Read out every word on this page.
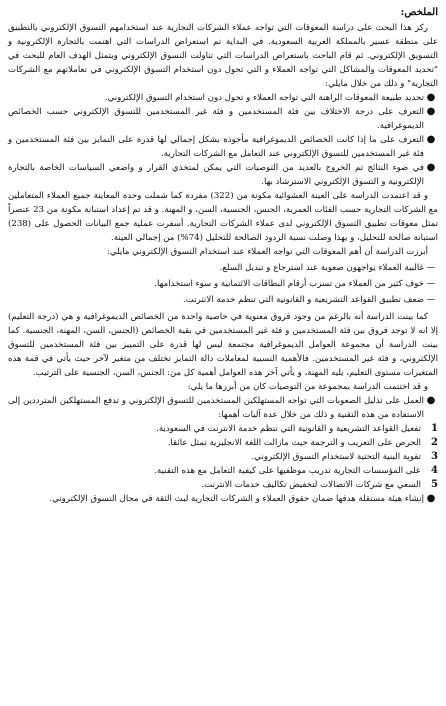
الملخص:

ركز هذا البحث على دراسة المعوقات التي تواجه عملاء الشركات التجارية عند استخدامهم التسوق الإلكتروني بالتطبيق على منطقة عسير بالمملكة العربية السعودية. في البداية تم استعراض الدراسات التي اهتمت بالتجارة الإلكترونية و التسويق الإلكتروني. ثم قام الباحث باستعراض الدراسات التي تناولت التسوق الإلكتروني ويتمثل الهدف العام للبحث في "تحديد المعوقات والمشاكل التي تواجه العملاء و التي تحول دون استخدام التسوق الإلكتروني في تعاملاتهم مع الشركات التجارية" و ذلك من خلال مايلي:

●
تحديد طبيعة المعوقات الراهنة التي تواجه العملاء و تحول دون استخدام التسوق الإلكتروني.
●
التعرف على درجة الاختلاف بين فئة المستخدمين و فئة غير المستخدمين للتسوق الإلكتروني حسب الخصائص الديموغرافية.
●
التعرف على ما إذا كانت الخصائص الديموغرافية مأخوذة بشكل إجمالي لها قدرة على التمايز بين فئة المستخدمين و فئة غير المستخدمين للتسوق الإلكتروني عند التعامل مع الشركات التجارية.
●
في ضوء النتائج تم الخروج بالعديد من التوصيات التي يمكن لمتخذي القرار و واضعي السياسات الخاصة بالتجارة الإلكترونية و التسوق الإلكتروني الاسترشاد بها.

و قد اعتمدت الدراسة على العينة العشوائية مكونة من (322) مفردة كما شملت وحدة المعاينة جميع العملاء المتعاملين مع الشركات التجارية حسب الفئات العمرية، الجنس، الجنسية، السن، و المهنة. و قد تم إعداد استبانة مكونة من 23 عنصراً تمثل معوقات تطبيق التسوق الإلكتروني لدى عملاء الشركات التجارية. أسفرت عملية جمع البيانات الحصول على (238) استبانة صالحة للتحليل، و بهذا وصلت نسبة الردود الصالحة للتحليل (74%) من إجمالي العينة.

أبرزت الدراسة أن أهم المعوقات التي تواجه العملاء عند استخدام التسوق الإلكتروني مايلي:

—
غالبية العملاء يواجهون صعوبة عند استرجاع و تبديل السلع.
—
خوف كثير من العملاء من تسرب أرقام البطاقات الائتمانية و سوء استخدامها.
—
ضعف تطبيق القواعد التشريعية و القانونية التي تنظم خدمة الانترنت.

كما بينت الدراسة أنه بالرغم من وجود فروق معنوية في خاصية واحدة من الخصائص الديموغرافية و هي (درجة التعليم) إلا انه لا توجد فروق بين فئة المستخدمين و فئة غير المستخدمين في بقية الخصائص (الجنس، السن، المهنة، الجنسية. كما بينت الدراسة أن مجموعة العوامل الديموغرافية مجتمعة ليس لها قدرة على التمييز بين فئة المستخدمين للتسوق الإلكتروني، و فئة غير المستخدمين. فالأهمية النسبية لمعاملات دالة التمايز تختلف من متغير لآخر حيث يأتي في قمة هذه المتغيرات مستوى التعليم، يليه المهنة، و يأتي آخر هذه العوامل أهمية كل من: الجنس، السن، الجنسية على الترتيب.

و قد اختتمت الدراسة بمجموعة من التوصيات كان من أبرزها ما يلي:

●
العمل على تذليل الصعوبات التي تواجه المستهلكين المستخدمين للتسوق الإلكتروني و تدفع المستهلكين المترددين إلى الاستفادة من هذه التقنية و ذلك من خلال عدة آليات أهمها:
1
تفعيل القواعد التشريعية و القانونية التي تنظم خدمة الانترنت في السعودية.
2
الحرص على التعريب و الترجمة حيث مازالت اللغة الانجليزية تمثل عائقا.
3
تقوية البنية التحتية لاستخدام التسوق الإلكتروني.
4
على المؤسسات التجارية تدريب موظفيها على كيفية التعامل مع هذه التقنية.
5
السعي مع شركات الاتصالات لتخفيض تكاليف خدمات الانترنت.
●
إنشاء هيئة مستقلة هدفها ضمان حقوق العملاء و الشركات التجارية لبث الثقة في مجال التسوق الإلكتروني.
